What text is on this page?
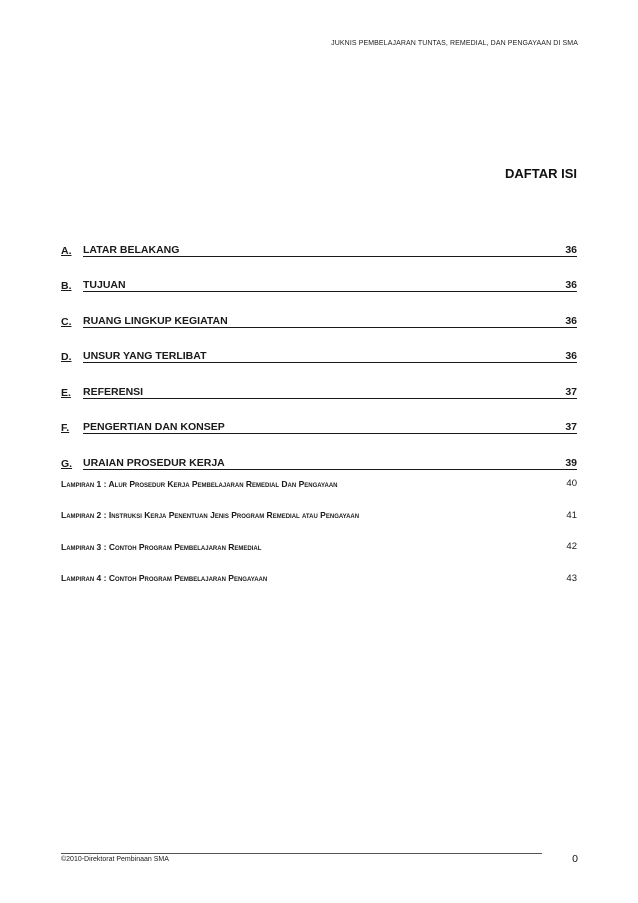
JUKNIS PEMBELAJARAN TUNTAS, REMEDIAL, DAN PENGAYAAN DI SMA
DAFTAR ISI
A.	LATAR BELAKANG	36
B.	TUJUAN	36
C.	RUANG LINGKUP KEGIATAN	36
D.	UNSUR YANG TERLIBAT	36
E.	REFERENSI	37
F.	PENGERTIAN DAN KONSEP	37
G.	URAIAN PROSEDUR KERJA	39
Lampiran 1 : Alur Prosedur Kerja Pembelajaran Remedial Dan Pengayaan	40
Lampiran 2 : Instruksi Kerja Penentuan Jenis Program Remedial atau Pengayaan	41
Lampiran 3 : Contoh Program Pembelajaran Remedial	42
Lampiran 4 : Contoh Program Pembelajaran Pengayaan	43
©2010-Direktorat Pembinaan SMA	0
